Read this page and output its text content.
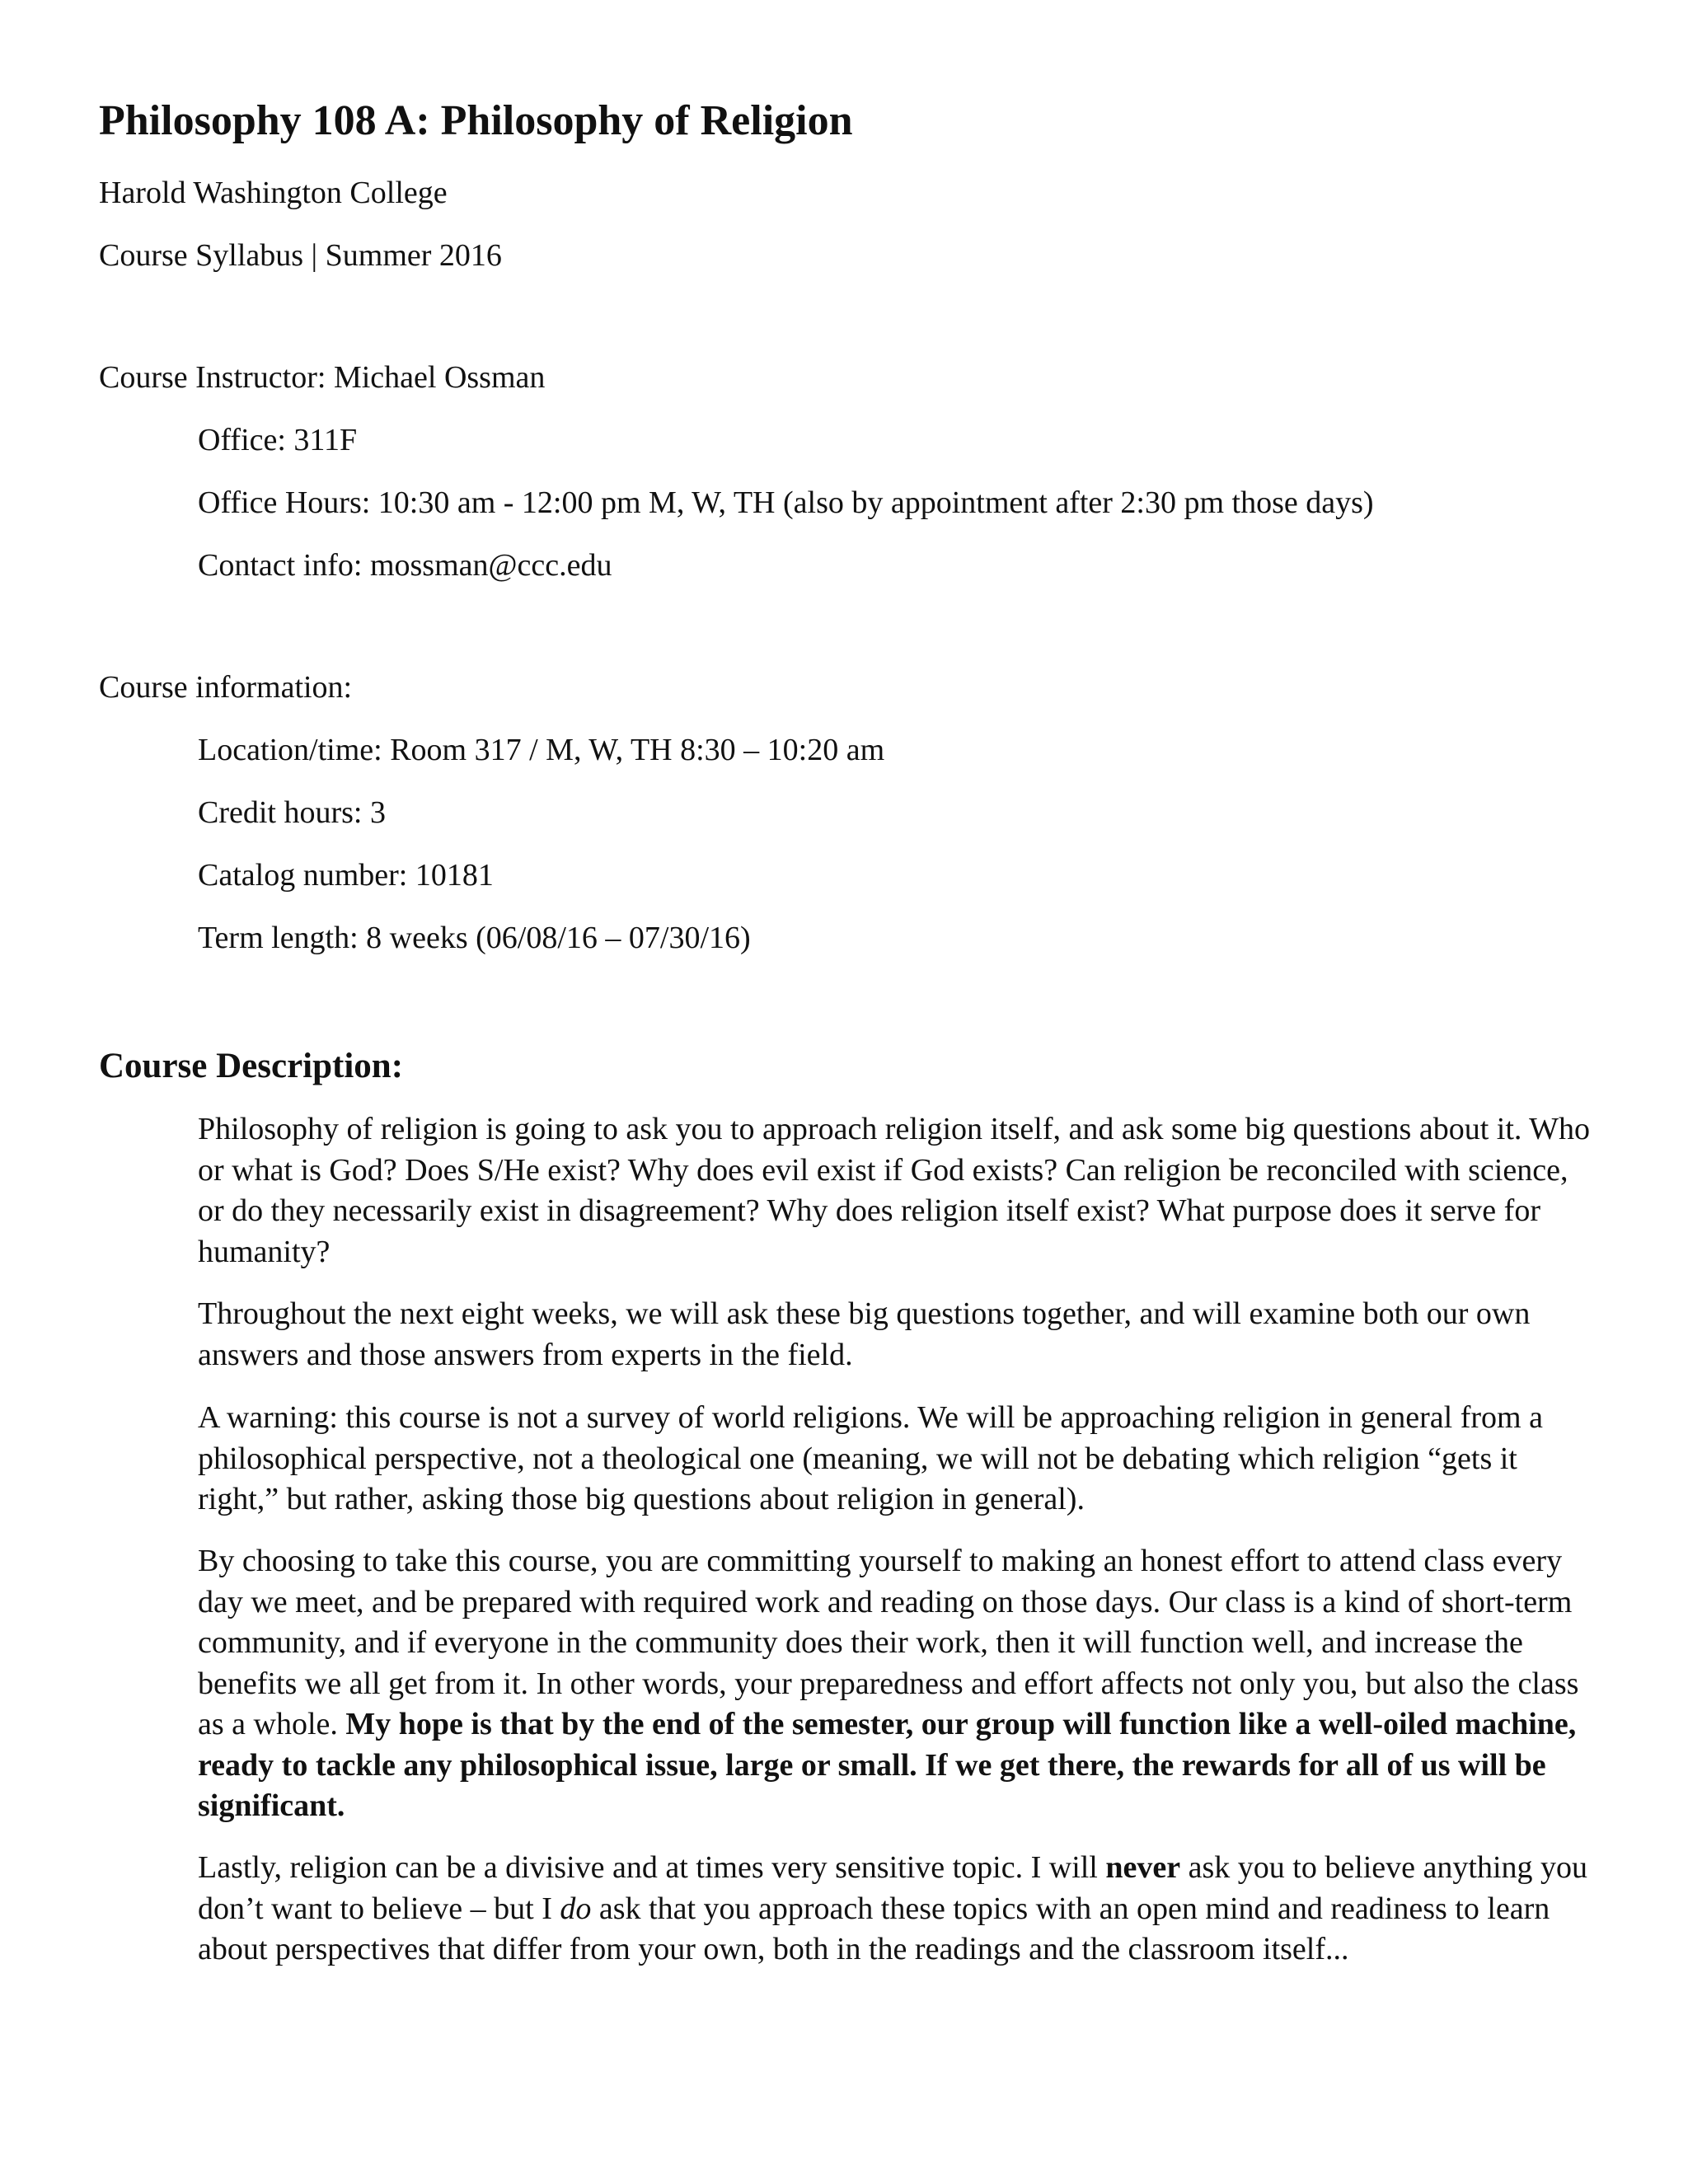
Philosophy 108 A: Philosophy of Religion
Harold Washington College
Course Syllabus | Summer 2016
Course Instructor: Michael Ossman
Office: 311F
Office Hours: 10:30 am - 12:00 pm M, W, TH (also by appointment after 2:30 pm those days)
Contact info: mossman@ccc.edu
Course information:
Location/time: Room 317 / M, W, TH 8:30 – 10:20 am
Credit hours: 3
Catalog number: 10181
Term length: 8 weeks (06/08/16 – 07/30/16)
Course Description:

Philosophy of religion is going to ask you to approach religion itself, and ask some big questions about it. Who or what is God? Does S/He exist? Why does evil exist if God exists? Can religion be reconciled with science, or do they necessarily exist in disagreement? Why does religion itself exist? What purpose does it serve for humanity?

Throughout the next eight weeks, we will ask these big questions together, and will examine both our own answers and those answers from experts in the field.

A warning: this course is not a survey of world religions. We will be approaching religion in general from a philosophical perspective, not a theological one (meaning, we will not be debating which religion “gets it right,” but rather, asking those big questions about religion in general).

By choosing to take this course, you are committing yourself to making an honest effort to attend class every day we meet, and be prepared with required work and reading on those days. Our class is a kind of short-term community, and if everyone in the community does their work, then it will function well, and increase the benefits we all get from it. In other words, your preparedness and effort affects not only you, but also the class as a whole. My hope is that by the end of the semester, our group will function like a well-oiled machine, ready to tackle any philosophical issue, large or small. If we get there, the rewards for all of us will be significant.

Lastly, religion can be a divisive and at times very sensitive topic. I will never ask you to believe anything you don’t want to believe – but I do ask that you approach these topics with an open mind and readiness to learn about perspectives that differ from your own, both in the readings and the classroom itself...
